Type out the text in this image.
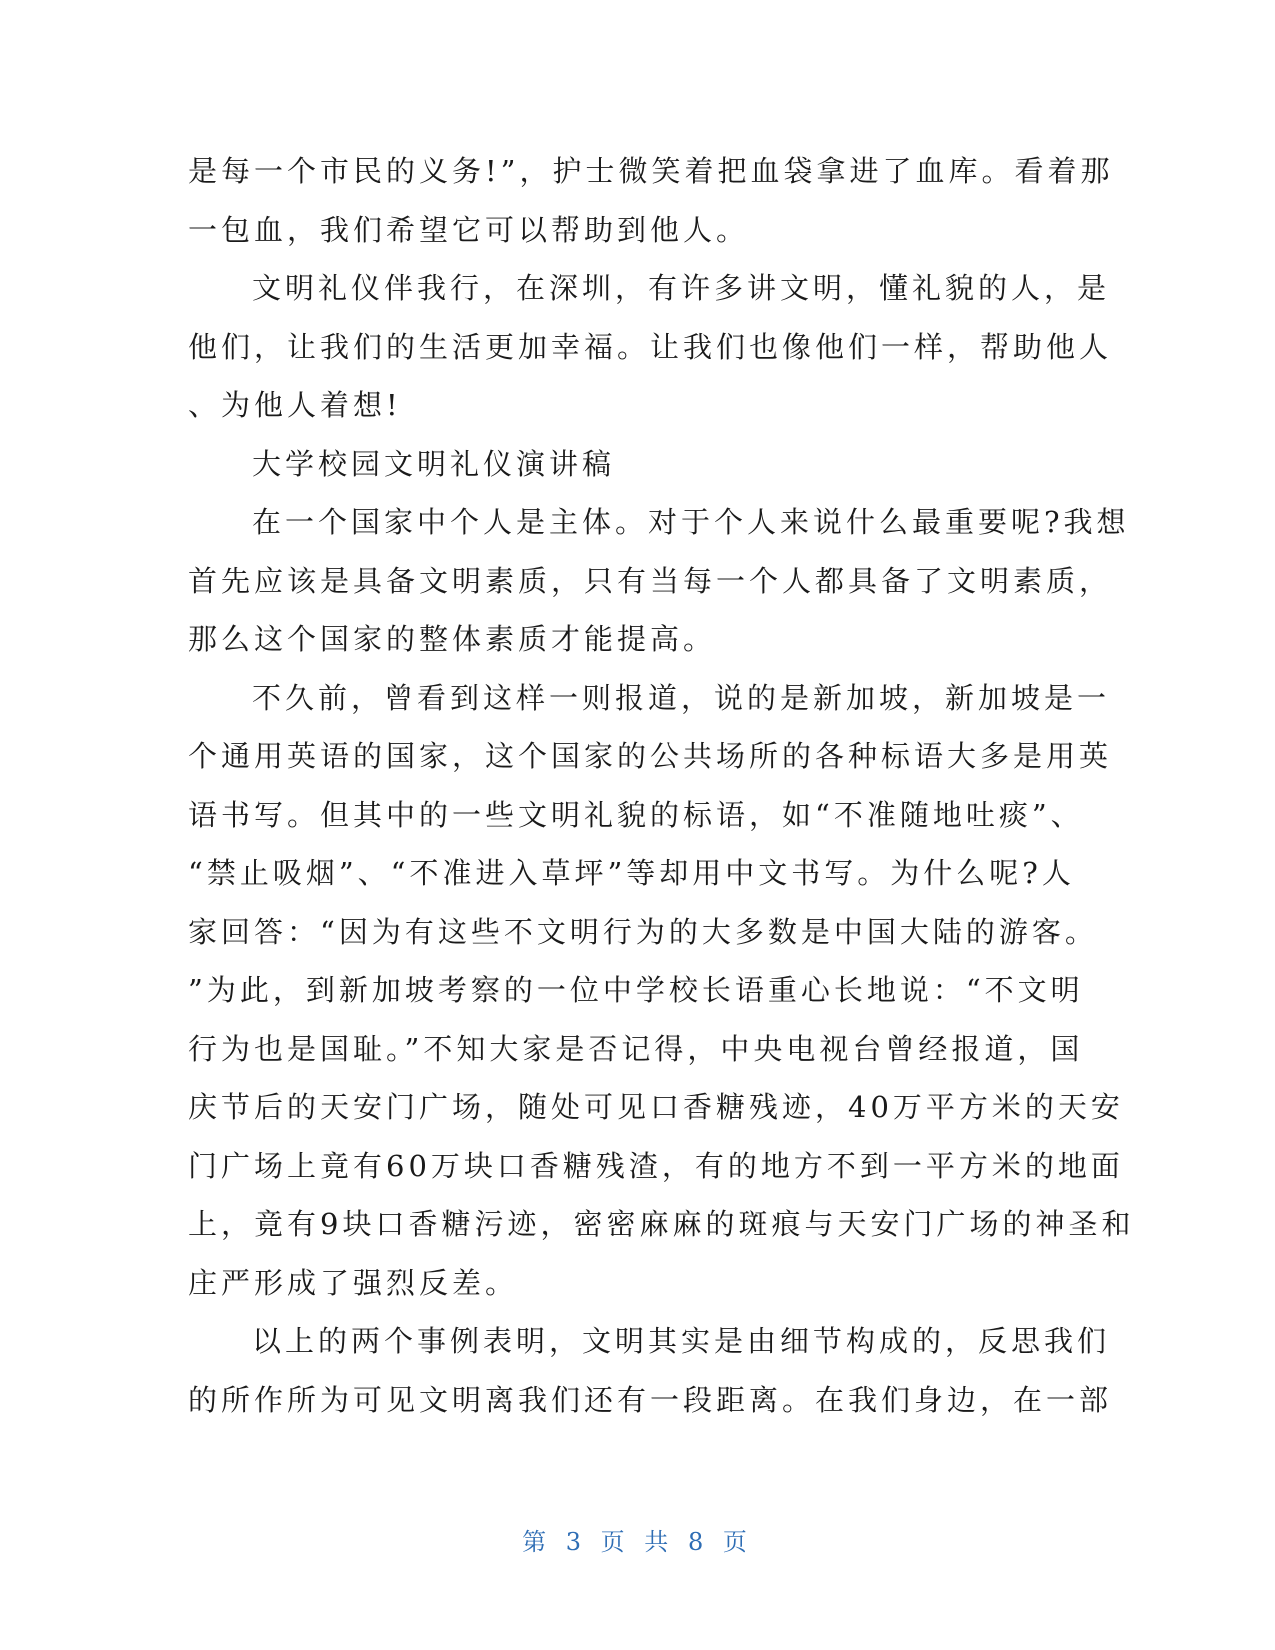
是每一个市民的义务!”，护士微笑着把血袋拿进了血库。看着那
一包血，我们希望它可以帮助到他人。
文明礼仪伴我行，在深圳，有许多讲文明，懂礼貌的人，是
他们，让我们的生活更加幸福。让我们也像他们一样，帮助他人
、为他人着想!
大学校园文明礼仪演讲稿
在一个国家中个人是主体。对于个人来说什么最重要呢?我想
首先应该是具备文明素质，只有当每一个人都具备了文明素质，
那么这个国家的整体素质才能提高。
不久前，曾看到这样一则报道，说的是新加坡，新加坡是一
个通用英语的国家，这个国家的公共场所的各种标语大多是用英
语书写。但其中的一些文明礼貌的标语，如“不准随地吐痰”、
“禁止吸烟”、“不准进入草坪”等却用中文书写。为什么呢?人
家回答：“因为有这些不文明行为的大多数是中国大陆的游客。
”为此，到新加坡考察的一位中学校长语重心长地说：“不文明
行为也是国耻。”不知大家是否记得，中央电视台曾经报道，国
庆节后的天安门广场，随处可见口香糖残迹，40万平方米的天安
门广场上竟有60万块口香糖残渣，有的地方不到一平方米的地面
上，竟有9块口香糖污迹，密密麻麻的斑痕与天安门广场的神圣和
庄严形成了强烈反差。
以上的两个事例表明，文明其实是由细节构成的，反思我们
的所作所为可见文明离我们还有一段距离。在我们身边，在一部
第 3 页 共 8 页
